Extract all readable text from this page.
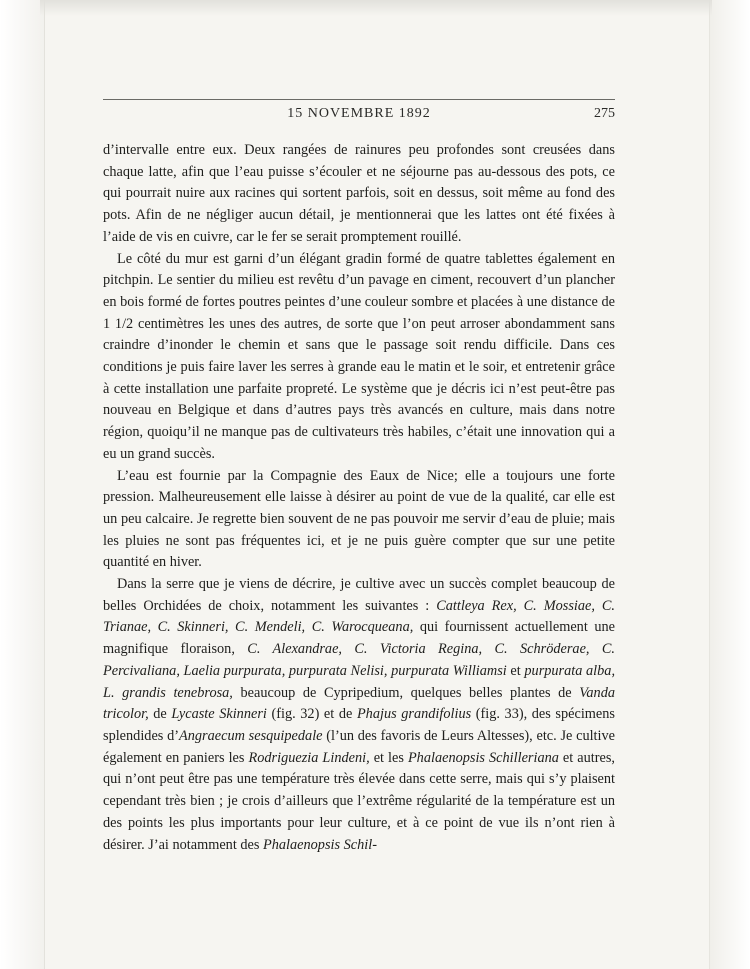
15 NOVEMBRE 1892	275

d’intervalle entre eux. Deux rangées de rainures peu profondes sont creusées dans chaque latte, afin que l’eau puisse s’écouler et ne séjourne pas au-dessous des pots, ce qui pourrait nuire aux racines qui sortent parfois, soit en dessus, soit même au fond des pots. Afin de ne négliger aucun détail, je mentionnerai que les lattes ont été fixées à l’aide de vis en cuivre, car le fer se serait promptement rouillé.

Le côté du mur est garni d’un élégant gradin formé de quatre tablettes également en pitchpin. Le sentier du milieu est revêtu d’un pavage en ciment, recouvert d’un plancher en bois formé de fortes poutres peintes d’une couleur sombre et placées à une distance de 1 1/2 centimètres les unes des autres, de sorte que l’on peut arroser abondamment sans craindre d’inonder le chemin et sans que le passage soit rendu difficile. Dans ces conditions je puis faire laver les serres à grande eau le matin et le soir, et entretenir grâce à cette installation une parfaite propreté. Le système que je décris ici n’est peut-être pas nouveau en Belgique et dans d’autres pays très avancés en culture, mais dans notre région, quoiqu’il ne manque pas de cultivateurs très habiles, c’était une innovation qui a eu un grand succès.

L’eau est fournie par la Compagnie des Eaux de Nice; elle a toujours une forte pression. Malheureusement elle laisse à désirer au point de vue de la qualité, car elle est un peu calcaire. Je regrette bien souvent de ne pas pouvoir me servir d’eau de pluie; mais les pluies ne sont pas fréquentes ici, et je ne puis guère compter que sur une petite quantité en hiver.

Dans la serre que je viens de décrire, je cultive avec un succès complet beaucoup de belles Orchidées de choix, notamment les suivantes : Cattleya Rex, C. Mossiae, C. Trianae, C. Skinneri, C. Mendeli, C. Warocqueana, qui fournissent actuellement une magnifique floraison, C. Alexandrae, C. Victoria Regina, C. Schröderae, C. Percivaliana, Laelia purpurata, purpurata Nelisi, purpurata Williamsi et purpurata alba, L. grandis tenebrosa, beaucoup de Cypripedium, quelques belles plantes de Vanda tricolor, de Lycaste Skinneri (fig. 32) et de Phajus grandifolius (fig. 33), des spécimens splendides d’Angraecum sesquipedale (l’un des favoris de Leurs Altesses), etc. Je cultive également en paniers les Rodriguezia Lindeni, et les Phalaenopsis Schilleriana et autres, qui n’ont peut être pas une température très élevée dans cette serre, mais qui s’y plaisent cependant très bien ; je crois d’ailleurs que l’extrême régularité de la température est un des points les plus importants pour leur culture, et à ce point de vue ils n’ont rien à désirer. J’ai notamment des Phalaenopsis Schil-
